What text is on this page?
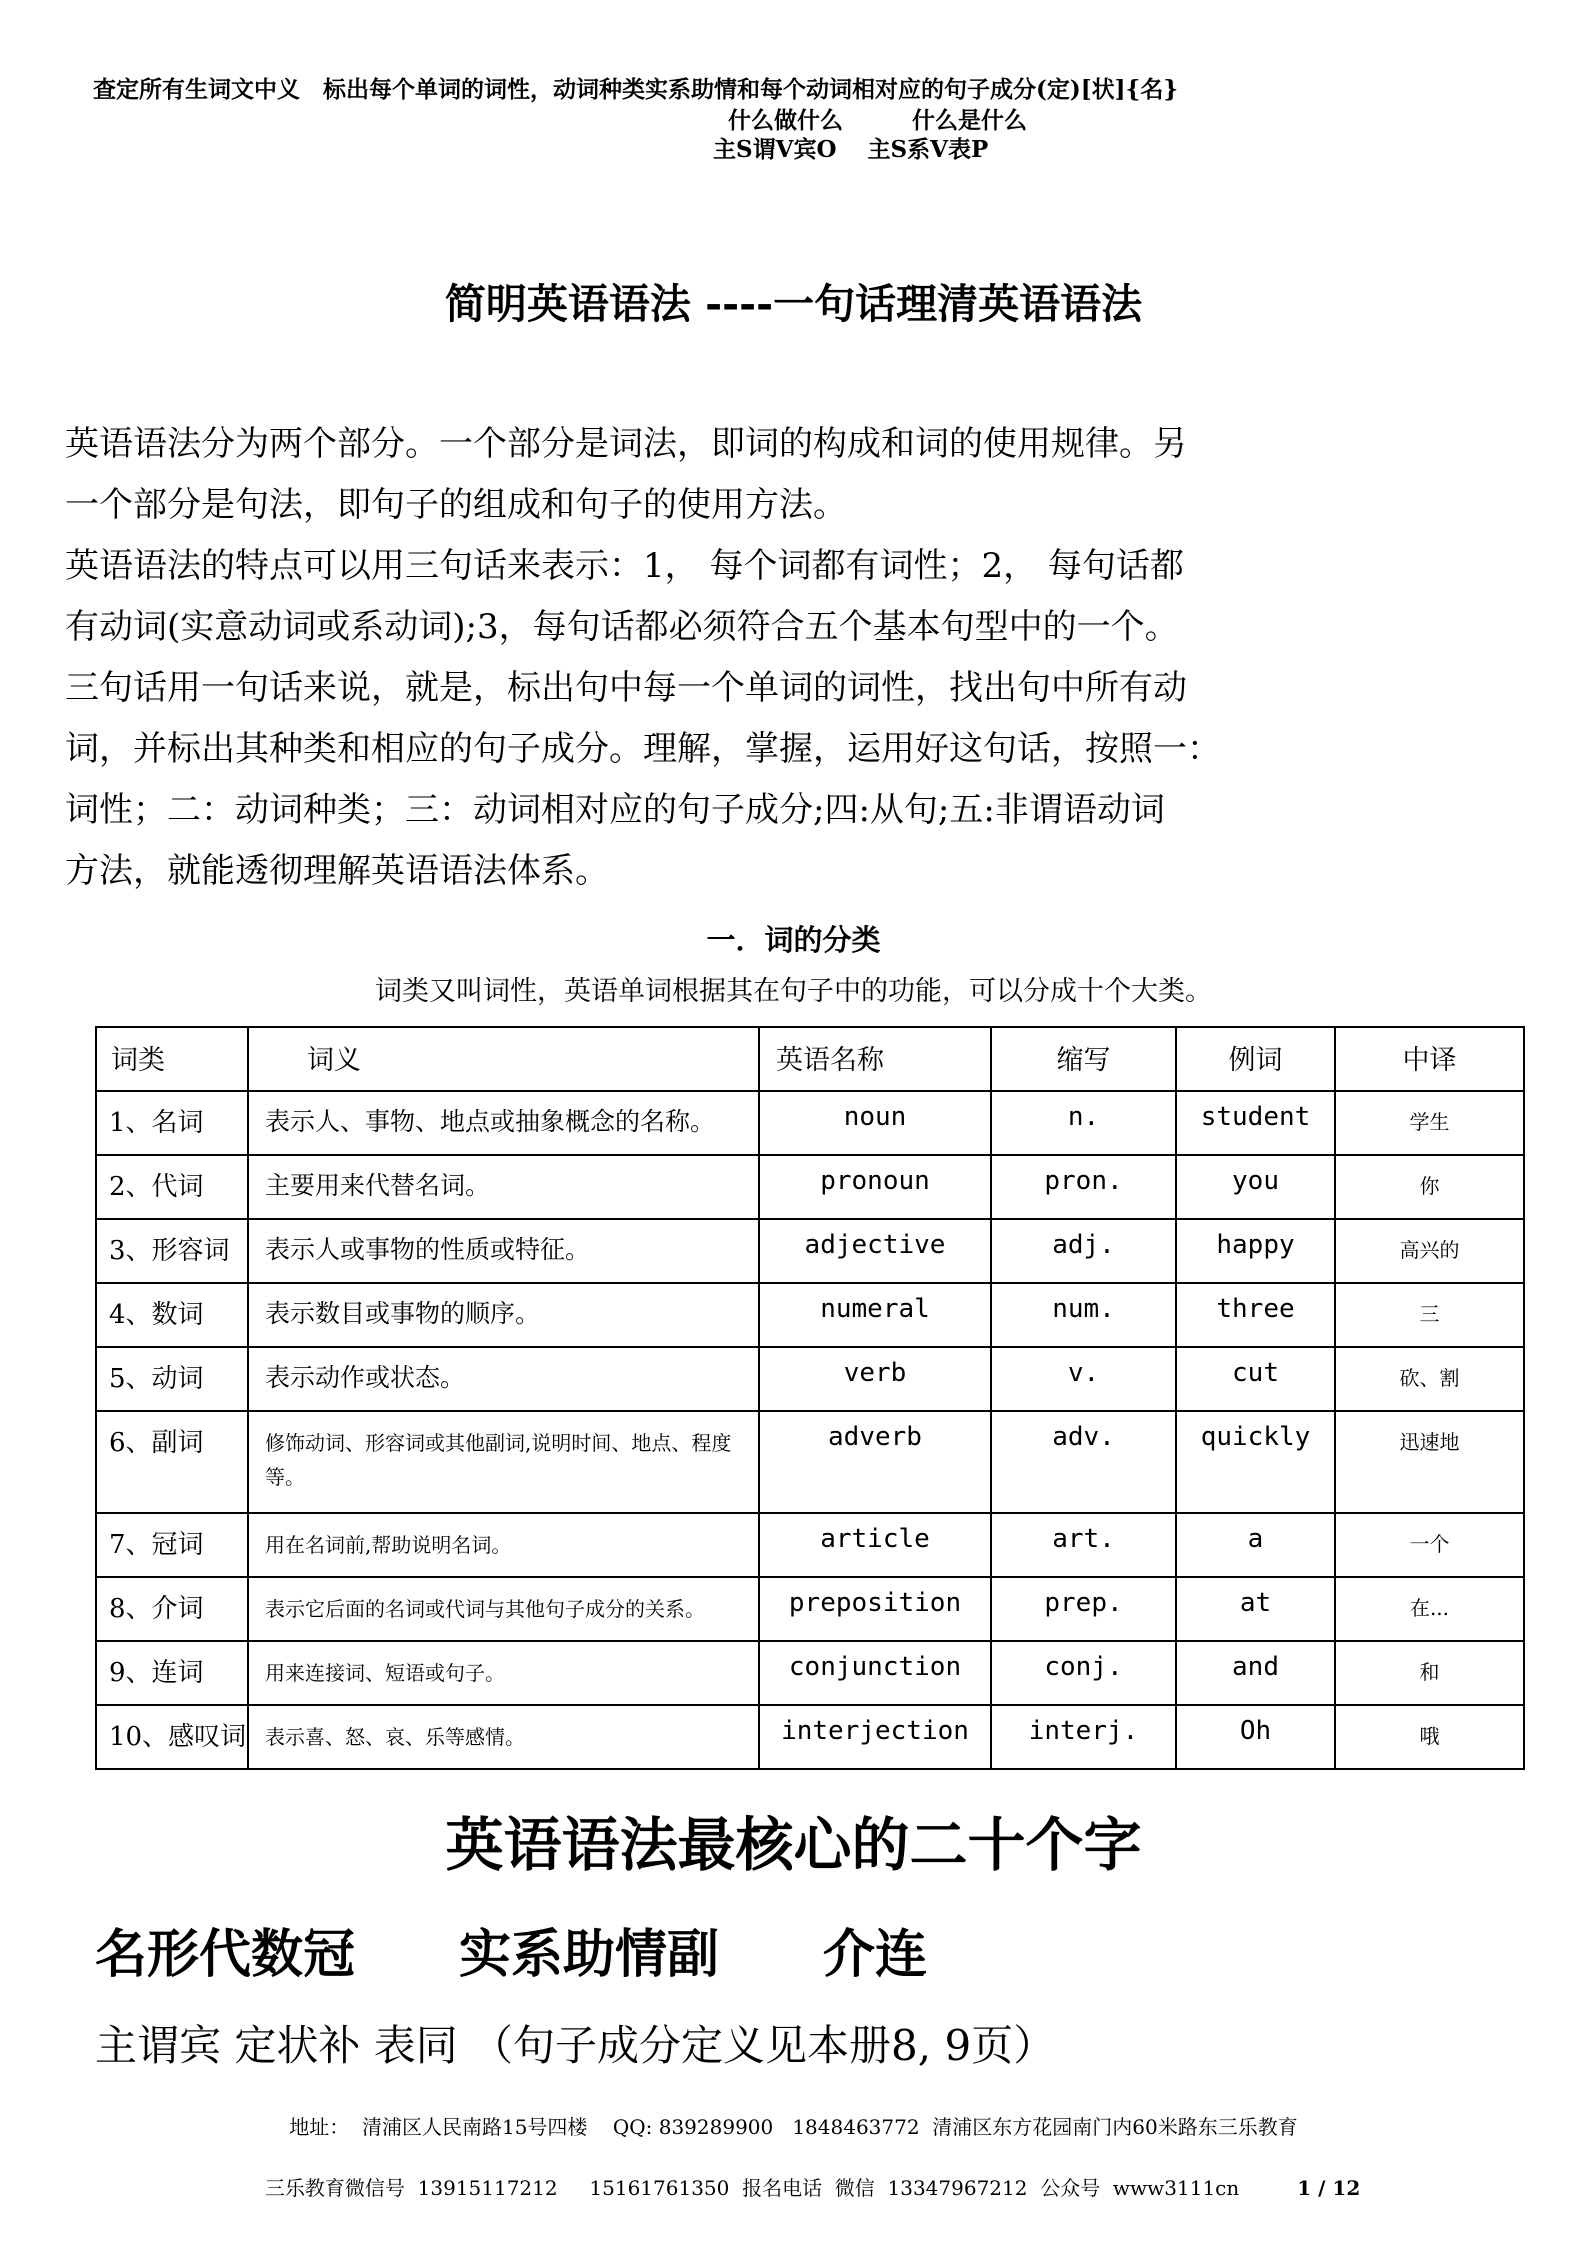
查定所有生词文中义　标出每个单词的词性，动词种类实系助情和每个动词相对应的句子成分(定)[状]{名}
什么做什么　　　什么是什么
主S谓V宾O　 主S系V表P
简明英语语法 ----一句话理清英语语法
英语语法分为两个部分。一个部分是词法，即词的构成和词的使用规律。另
一个部分是句法，即句子的组成和句子的使用方法。
英语语法的特点可以用三句话来表示：1， 每个词都有词性；2， 每句话都
有动词(实意动词或系动词);3，每句话都必须符合五个基本句型中的一个。
三句话用一句话来说，就是，标出句中每一个单词的词性，找出句中所有动
词，并标出其种类和相应的句子成分。理解，掌握，运用好这句话，按照一：
词性；二：动词种类；三：动词相对应的句子成分;四:从句;五:非谓语动词
方法，就能透彻理解英语语法体系。
一．词的分类
词类又叫词性，英语单词根据其在句子中的功能，可以分成十个大类。
词类	词义	英语名称	缩写	例词	中译
1、名词	表示人、事物、地点或抽象概念的名称。	noun	n.	student	学生
2、代词	主要用来代替名词。	pronoun	pron.	you	你
3、形容词	表示人或事物的性质或特征。	adjective	adj.	happy	高兴的
4、数词	表示数目或事物的顺序。	numeral	num.	three	三
5、动词	表示动作或状态。	verb	v.	cut	砍、割
6、副词	修饰动词、形容词或其他副词,说明时间、地点、程度等。	adverb	adv.	quickly	迅速地
7、冠词	用在名词前,帮助说明名词。	article	art.	a	一个
8、介词	表示它后面的名词或代词与其他句子成分的关系。	preposition	prep.	at	在...
9、连词	用来连接词、短语或句子。	conjunction	conj.	and	和
10、感叹词	表示喜、怒、哀、乐等感情。	interjection	interj.	Oh	哦
英语语法最核心的二十个字
名形代数冠　　实系助情副　　介连
主谓宾 定状补 表同 （句子成分定义见本册8, 9页）
地址：  清浦区人民南路15号四楼    QQ: 839289900   1848463772  清浦区东方花园南门内60米路东三乐教育

三乐教育微信号  13915117212     15161761350  报名电话  微信  13347967212  公众号  www3111cn	1 / 12
